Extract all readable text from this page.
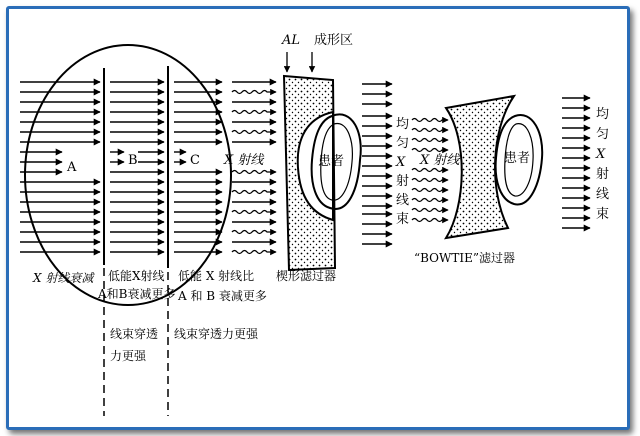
A	B	C X 射线
AL 成形区
患者
均
匀
X
射
线
束
X 射线
“BOWTIE”滤过器
患者
均
匀
X
射
线
束
X 射线衰减 低能X射线
A和B衰减更多
低能 X 射线比
A 和 B 衰减更多
楔形滤过器
线束穿透
力更强
线束穿透力更强
